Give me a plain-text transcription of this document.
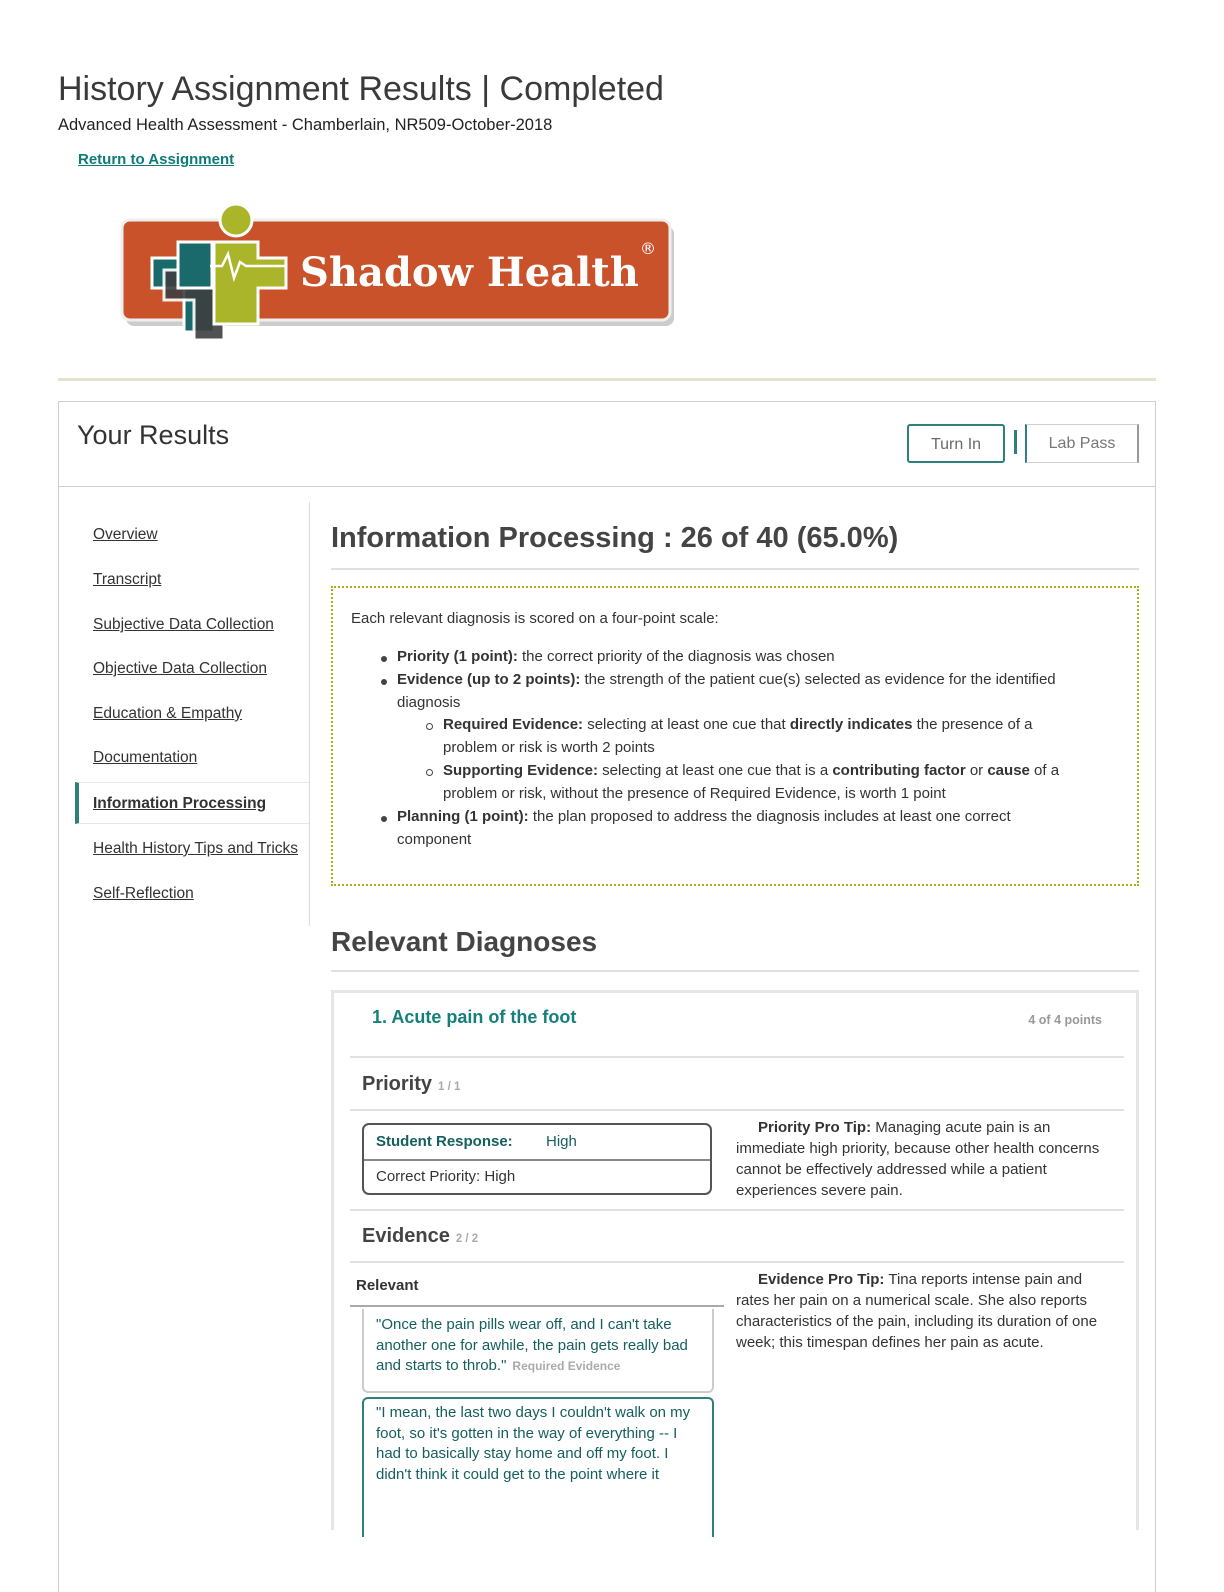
History Assignment Results | Completed
Advanced Health Assessment - Chamberlain, NR509-October-2018
Return to Assignment
Shadow Health
®
Your Results	Turn In	Lab Pass
Overview
Transcript
Subjective Data Collection
Objective Data Collection
Education & Empathy
Documentation
Information Processing
Health History Tips and Tricks
Self-Reflection
Information Processing : 26 of 40 (65.0%)
Each relevant diagnosis is scored on a four-point scale:
Priority (1 point): the correct priority of the diagnosis was chosen
Evidence (up to 2 points): the strength of the patient cue(s) selected as evidence for the identified
diagnosis
Required Evidence: selecting at least one cue that directly indicates the presence of a
problem or risk is worth 2 points
Supporting Evidence: selecting at least one cue that is a contributing factor or cause of a
problem or risk, without the presence of Required Evidence, is worth 1 point
Planning (1 point): the plan proposed to address the diagnosis includes at least one correct
component
Relevant Diagnoses
1. Acute pain of the foot	4 of 4 points
Priority 1 / 1
Student Response: High
Correct Priority: High
Priority Pro Tip: Managing acute pain is an immediate high priority, because other health concerns cannot be effectively addressed while a patient experiences severe pain.
Evidence 2 / 2
Relevant
"Once the pain pills wear off, and I can't take another one for awhile, the pain gets really bad and starts to throb." Required Evidence
"I mean, the last two days I couldn't walk on my foot, so it's gotten in the way of everything -- I had to basically stay home and off my foot. I didn't think it could get to the point where it
Evidence Pro Tip: Tina reports intense pain and rates her pain on a numerical scale. She also reports characteristics of the pain, including its duration of one week; this timespan defines her pain as acute.
